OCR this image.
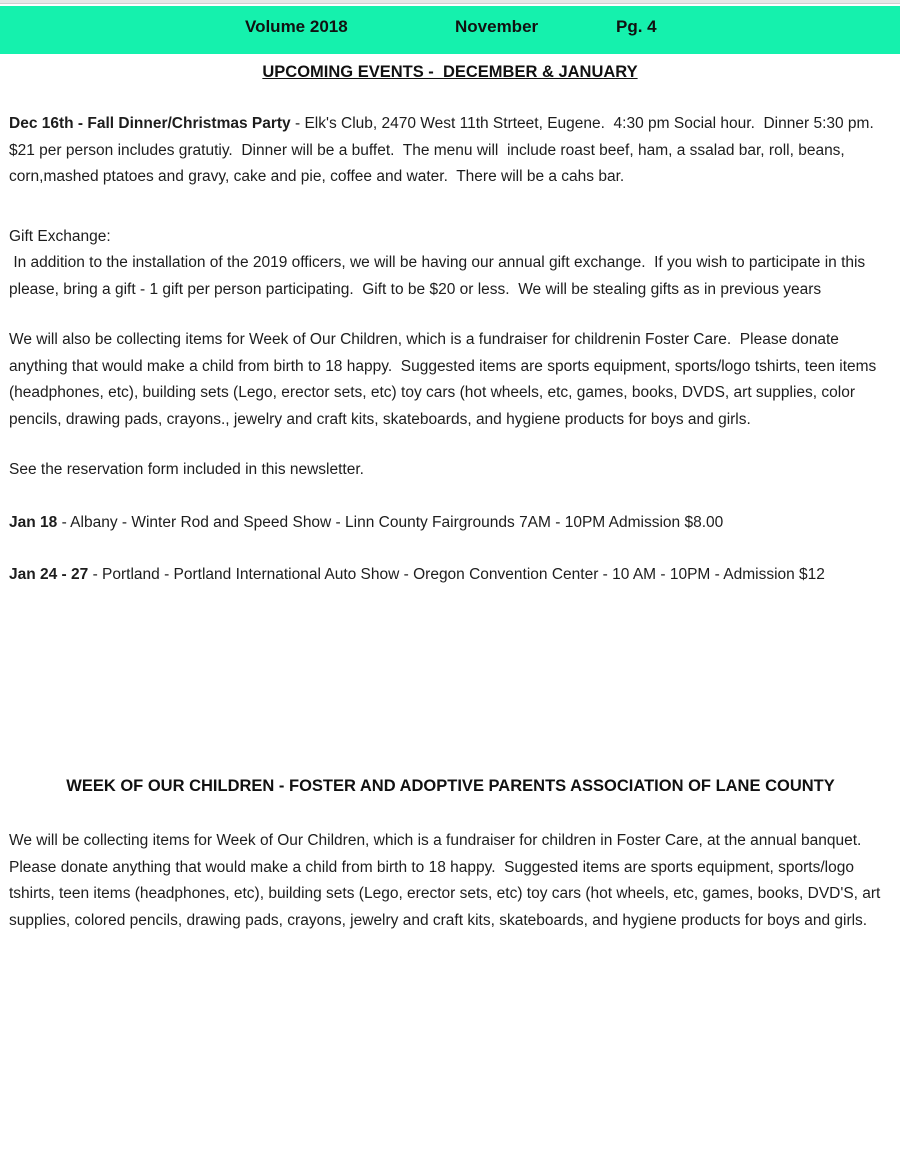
Volume 2018	November	Pg. 4
UPCOMING EVENTS -  DECEMBER & JANUARY

Dec 16th - Fall Dinner/Christmas Party - Elk's Club, 2470 West 11th Strteet, Eugene.  4:30 pm Social hour.  Dinner 5:30 pm. $21 per person includes gratutiy.  Dinner will be a buffet.  The menu will  include roast beef, ham, a ssalad bar, roll, beans, corn,mashed ptatoes and gravy, cake and pie, coffee and water.  There will be a cahs bar.

Gift Exchange:

In addition to the installation of the 2019 officers, we will be having our annual gift exchange.  If you wish to participate in this please, bring a gift - 1 gift per person participating.  Gift to be $20 or less.  We will be stealing gifts as in previous years

We will also be collecting items for Week of Our Children, which is a fundraiser for childrenin Foster Care.  Please donate anything that would make a child from birth to 18 happy.  Suggested items are sports equipment, sports/logo tshirts, teen items (headphones, etc), building sets (Lego, erector sets, etc) toy cars (hot wheels, etc, games, books, DVDS, art supplies, color pencils, drawing pads, crayons., jewelry and craft kits, skateboards, and hygiene products for boys and girls.

See the reservation form included in this newsletter.

Jan 18 - Albany - Winter Rod and Speed Show - Linn County Fairgrounds 7AM - 10PM Admission $8.00

Jan 24 - 27 - Portland - Portland International Auto Show - Oregon Convention Center - 10 AM - 10PM - Admission $12

WEEK OF OUR CHILDREN - FOSTER AND ADOPTIVE PARENTS ASSOCIATION OF LANE COUNTY

We will be collecting items for Week of Our Children, which is a fundraiser for children in Foster Care, at the annual banquet.   Please donate anything that would make a child from birth to 18 happy.  Suggested items are sports equipment, sports/logo tshirts, teen items (headphones, etc), building sets (Lego, erector sets, etc) toy cars (hot wheels, etc, games, books, DVD'S, art supplies, colored pencils, drawing pads, crayons, jewelry and craft kits, skateboards, and hygiene products for boys and girls.
